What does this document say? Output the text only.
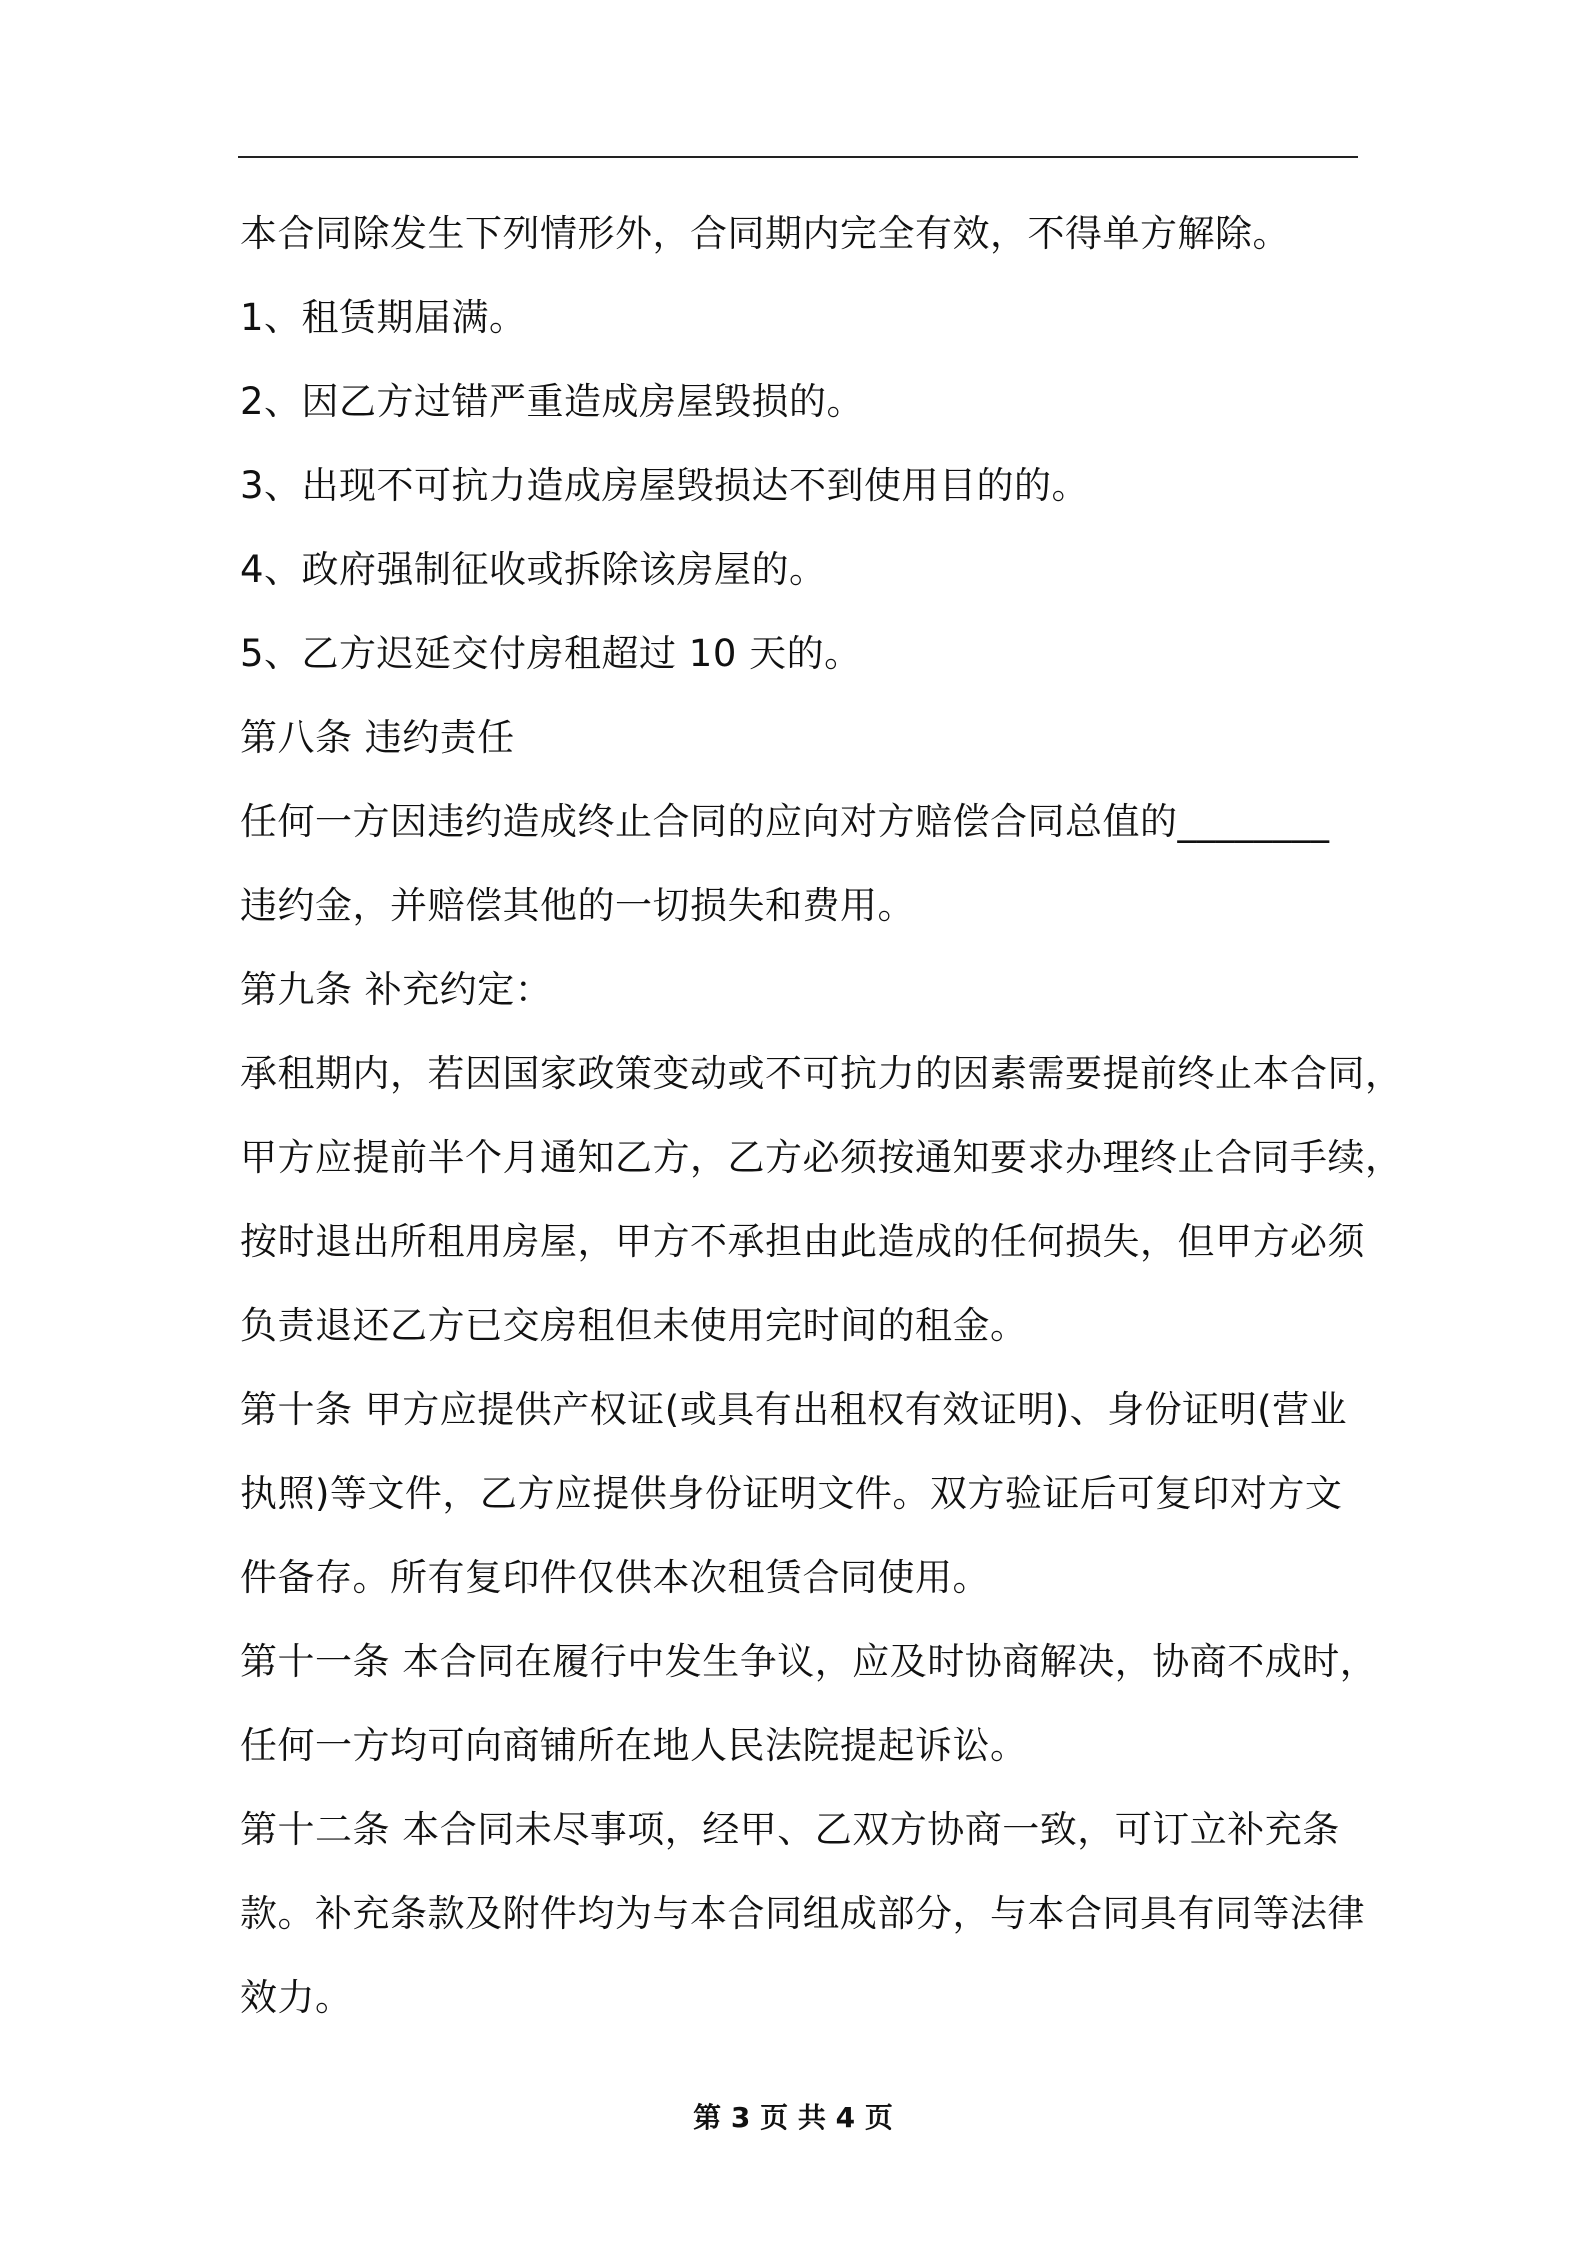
本合同除发生下列情形外，合同期内完全有效，不得单方解除。
1、租赁期届满。
2、因乙方过错严重造成房屋毁损的。
3、出现不可抗力造成房屋毁损达不到使用目的的。
4、政府强制征收或拆除该房屋的。
5、乙方迟延交付房租超过 10 天的。
第八条 违约责任
任何一方因违约造成终止合同的应向对方赔偿合同总值的________
违约金，并赔偿其他的一切损失和费用。
第九条 补充约定：
承租期内，若因国家政策变动或不可抗力的因素需要提前终止本合同，
甲方应提前半个月通知乙方，乙方必须按通知要求办理终止合同手续，
按时退出所租用房屋，甲方不承担由此造成的任何损失，但甲方必须
负责退还乙方已交房租但未使用完时间的租金。
第十条 甲方应提供产权证(或具有出租权有效证明)、身份证明(营业
执照)等文件，乙方应提供身份证明文件。双方验证后可复印对方文
件备存。所有复印件仅供本次租赁合同使用。
第十一条 本合同在履行中发生争议，应及时协商解决，协商不成时，
任何一方均可向商铺所在地人民法院提起诉讼。
第十二条 本合同未尽事项，经甲、乙双方协商一致，可订立补充条
款。补充条款及附件均为与本合同组成部分，与本合同具有同等法律
效力。
第 3 页 共 4 页
